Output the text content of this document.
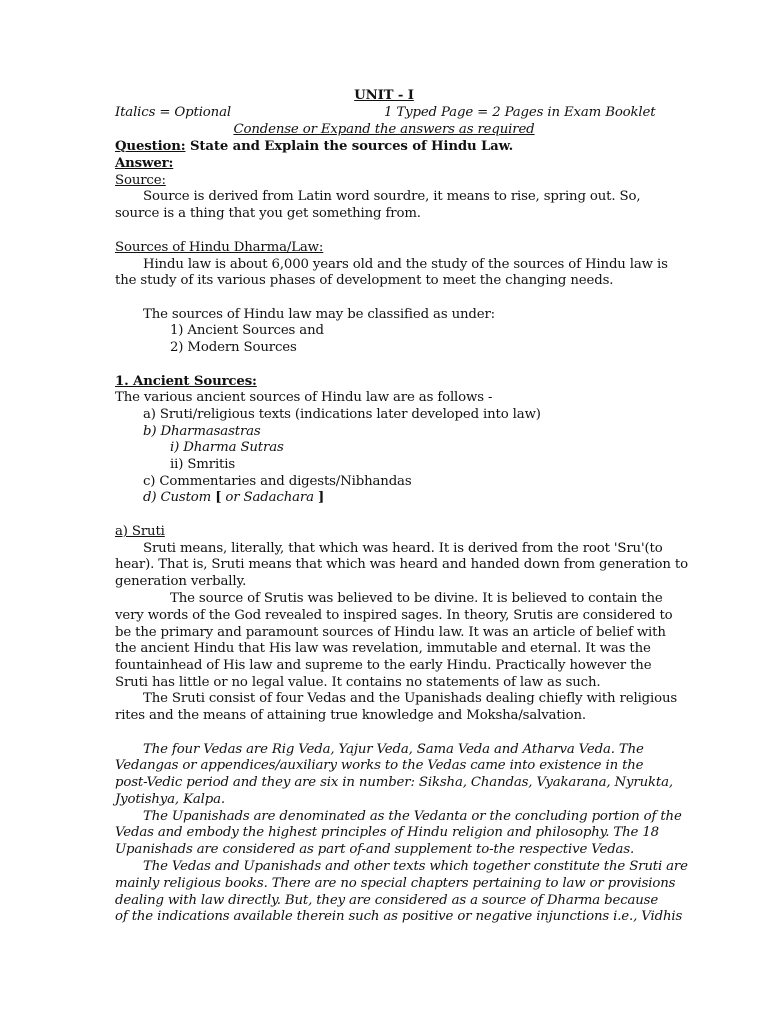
UNIT - I
Italics = Optional	1 Typed Page = 2 Pages in Exam Booklet
Condense or Expand the answers as required
Question: State and Explain the sources of Hindu Law.
Answer:
Source:
Source is derived from Latin word sourdre, it means to rise, spring out. So,
source is a thing that you get something from.
Sources of Hindu Dharma/Law:
Hindu law is about 6,000 years old and the study of the sources of Hindu law is
the study of its various phases of development to meet the changing needs.
The sources of Hindu law may be classified as under:
1) Ancient Sources and
2) Modern Sources
1. Ancient Sources:
The various ancient sources of Hindu law are as follows -
a) Sruti/religious texts (indications later developed into law)
b) Dharmasastras
i) Dharma Sutras
ii) Smritis
c) Commentaries and digests/Nibhandas
d) Custom [ or Sadachara ]
a) Sruti
Sruti means, literally, that which was heard. It is derived from the root 'Sru'(to
hear). That is, Sruti means that which was heard and handed down from generation to
generation verbally.
The source of Srutis was believed to be divine. It is believed to contain the
very words of the God revealed to inspired sages. In theory, Srutis are considered to
be the primary and paramount sources of Hindu law. It was an article of belief with
the ancient Hindu that His law was revelation, immutable and eternal. It was the
fountainhead of His law and supreme to the early Hindu. Practically however the
Sruti has little or no legal value. It contains no statements of law as such.
The Sruti consist of four Vedas and the Upanishads dealing chiefly with religious
rites and the means of attaining true knowledge and Moksha/salvation.
The four Vedas are Rig Veda, Yajur Veda, Sama Veda and Atharva Veda. The
Vedangas or appendices/auxiliary works to the Vedas came into existence in the
post-Vedic period and they are six in number: Siksha, Chandas, Vyakarana, Nyrukta,
Jyotishya, Kalpa.
The Upanishads are denominated as the Vedanta or the concluding portion of the
Vedas and embody the highest principles of Hindu religion and philosophy. The 18
Upanishads are considered as part of-and supplement to-the respective Vedas.
The Vedas and Upanishads and other texts which together constitute the Sruti are
mainly religious books. There are no special chapters pertaining to law or provisions
dealing with law directly. But, they are considered as a source of Dharma because
of the indications available therein such as positive or negative injunctions i.e., Vidhis
